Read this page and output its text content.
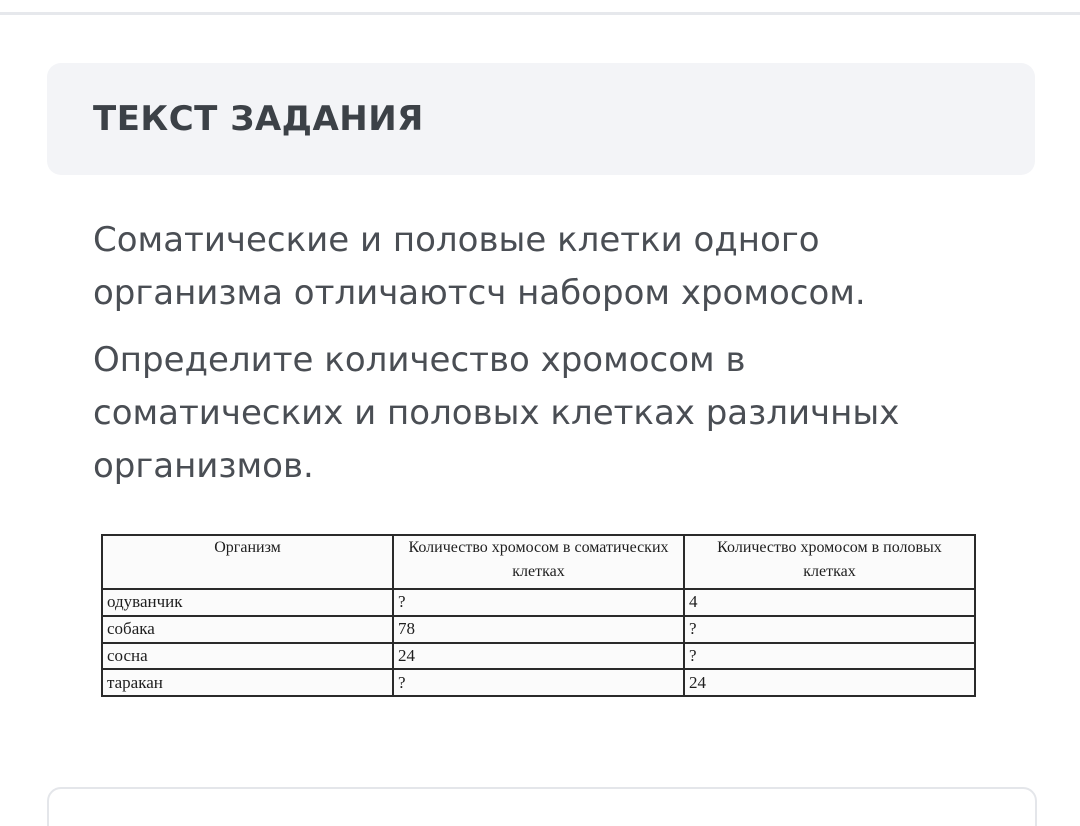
ТЕКСТ ЗАДАНИЯ

Соматические и половые клетки одного организма отличаютсч набором хромосом.

Определите количество хромосом в соматических и половых клетках различных организмов.

Организм	Количество хромосом в соматических клетках	Количество хромосом в половых клетках
одуванчик	?	4
собака	78	?
сосна	24	?
таракан	?	24
